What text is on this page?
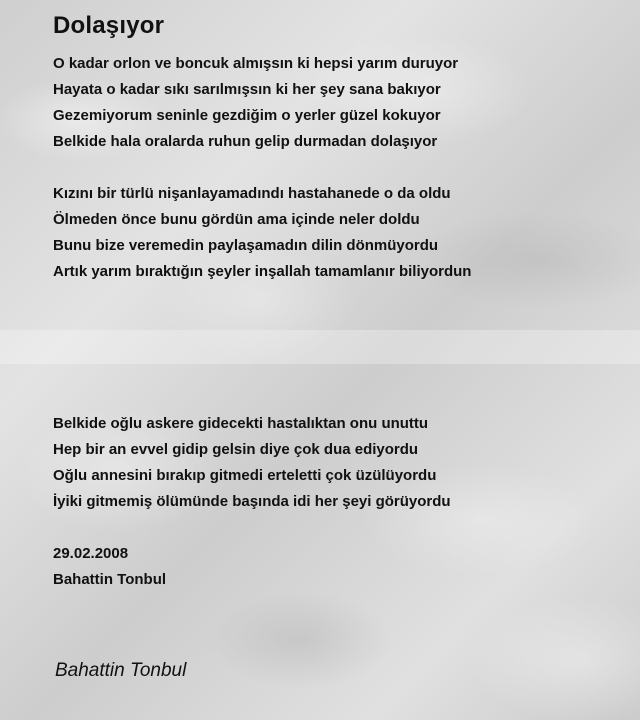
Dolaşıyor
O kadar orlon ve boncuk almışsın ki hepsi yarım duruyor
Hayata o kadar sıkı sarılmışsın ki her şey sana bakıyor
Gezemiyorum seninle gezdiğim o yerler güzel kokuyor
Belkide hala oralarda ruhun gelip durmadan dolaşıyor
Kızını bir türlü nişanlayamadındı hastahanede o da oldu
Ölmeden önce bunu gördün ama içinde neler doldu
Bunu bize veremedin paylaşamadın dilin dönmüyordu
Artık yarım bıraktığın şeyler inşallah tamamlanır biliyordun
Belkide oğlu askere gidecekti hastalıktan onu unuttu
Hep bir an evvel gidip gelsin diye çok dua ediyordu
Oğlu annesini bırakıp gitmedi erteletti çok üzülüyordu
İyiki gitmemiş ölümünde başında idi her şeyi görüyordu
29.02.2008
Bahattin Tonbul
Bahattin Tonbul
